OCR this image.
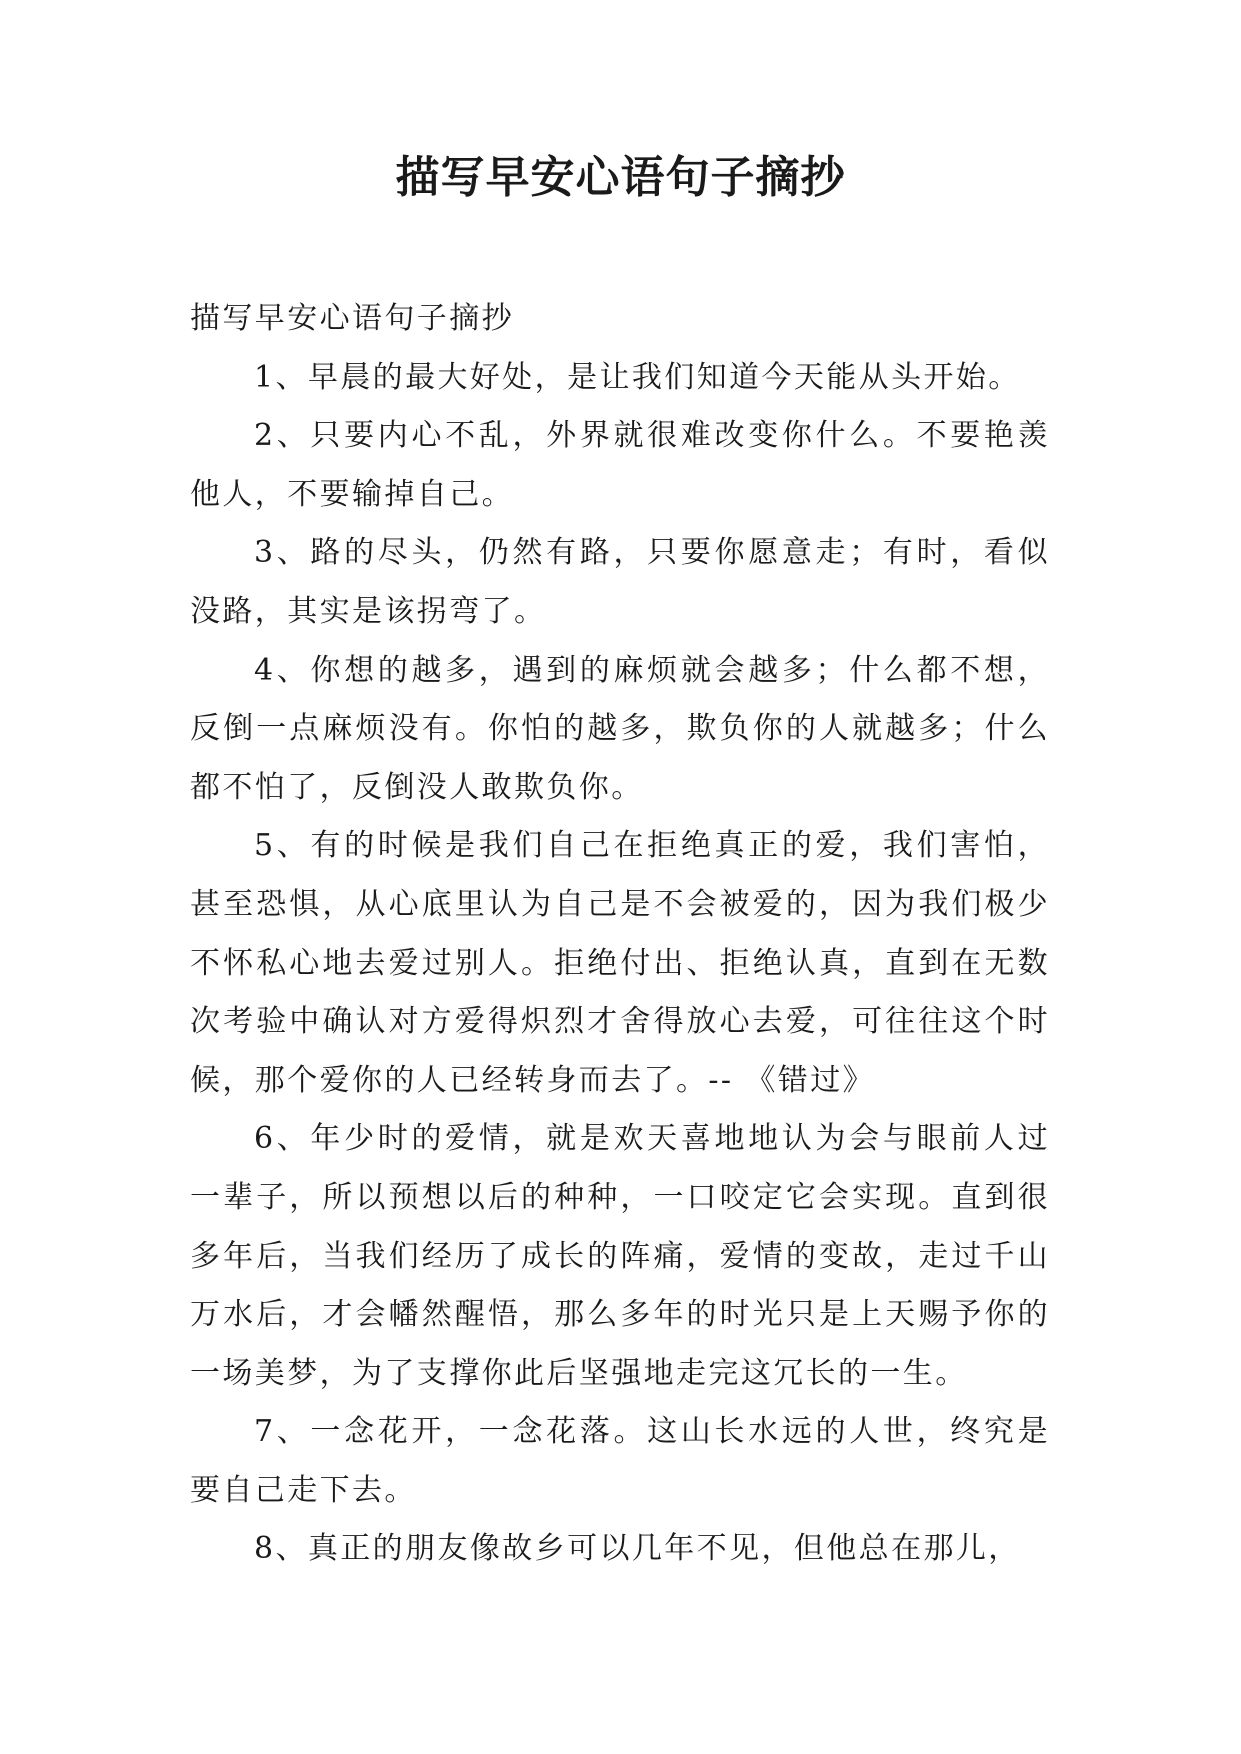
描写早安心语句子摘抄

描写早安心语句子摘抄

1、早晨的最大好处，是让我们知道今天能从头开始。

2、只要内心不乱，外界就很难改变你什么。不要艳羡他人，不要输掉自己。

3、路的尽头，仍然有路，只要你愿意走；有时，看似没路，其实是该拐弯了。

4、你想的越多，遇到的麻烦就会越多；什么都不想，反倒一点麻烦没有。你怕的越多，欺负你的人就越多；什么都不怕了，反倒没人敢欺负你。

5、有的时候是我们自己在拒绝真正的爱，我们害怕，甚至恐惧，从心底里认为自己是不会被爱的，因为我们极少不怀私心地去爱过别人。拒绝付出、拒绝认真，直到在无数次考验中确认对方爱得炽烈才舍得放心去爱，可往往这个时候，那个爱你的人已经转身而去了。-- 《错过》

6、年少时的爱情，就是欢天喜地地认为会与眼前人过一辈子，所以预想以后的种种，一口咬定它会实现。直到很多年后，当我们经历了成长的阵痛，爱情的变故，走过千山万水后，才会幡然醒悟，那么多年的时光只是上天赐予你的一场美梦，为了支撑你此后坚强地走完这冗长的一生。

7、一念花开，一念花落。这山长水远的人世，终究是要自己走下去。

8、真正的朋友像故乡可以几年不见，但他总在那儿，
